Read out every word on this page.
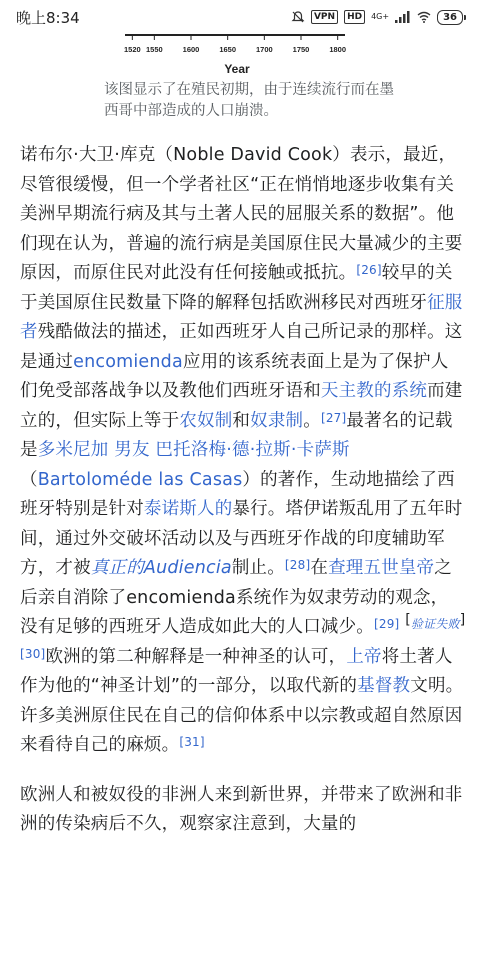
晚上8:34	VPN	HD	4G+	36
1520 1550	1600	1650	1700	1750	1800
Year
该图显示了在殖民初期，由于连续流行而在墨西哥中部造成的人口崩溃。

诺布尔·大卫·库克（Noble David Cook）表示，最近，尽管很缓慢，但一个学者社区“正在悄悄地逐步收集有关美洲早期流行病及其与土著人民的屈服关系的数据”。他们现在认为，普遍的流行病是美国原住民大量减少的主要原因，而原住民对此没有任何接触或抵抗。[26]较早的关于美国原住民数量下降的解释包括欧洲移民对西班牙征服者残酷做法的描述，正如西班牙人自己所记录的那样。这是通过encomienda应用的该系统表面上是为了保护人们免受部落战争以及教他们西班牙语和天主教的系统而建立的，但实际上等于农奴制和奴隶制。[27]最著名的记载是多米尼加 男友 巴托洛梅·德·拉斯·卡萨斯（Bartoloméde las Casas）的著作，生动地描绘了西班牙特别是针对泰诺斯人的暴行。塔伊诺叛乱用了五年时间，通过外交破坏活动以及与西班牙作战的印度辅助军方，才被真正的Audiencia制止。[28]在查理五世皇帝之后亲自消除了encomienda系统作为奴隶劳动的观念，没有足够的西班牙人造成如此大的人口减少。[29] [验证失败][30]欧洲的第二种解释是一种神圣的认可，上帝将土著人作为他的“神圣计划”的一部分，以取代新的基督教文明。许多美洲原住民在自己的信仰体系中以宗教或超自然原因来看待自己的麻烦。[31]

欧洲人和被奴役的非洲人来到新世界，并带来了欧洲和非洲的传染病后不久，观察家注意到，大量的
